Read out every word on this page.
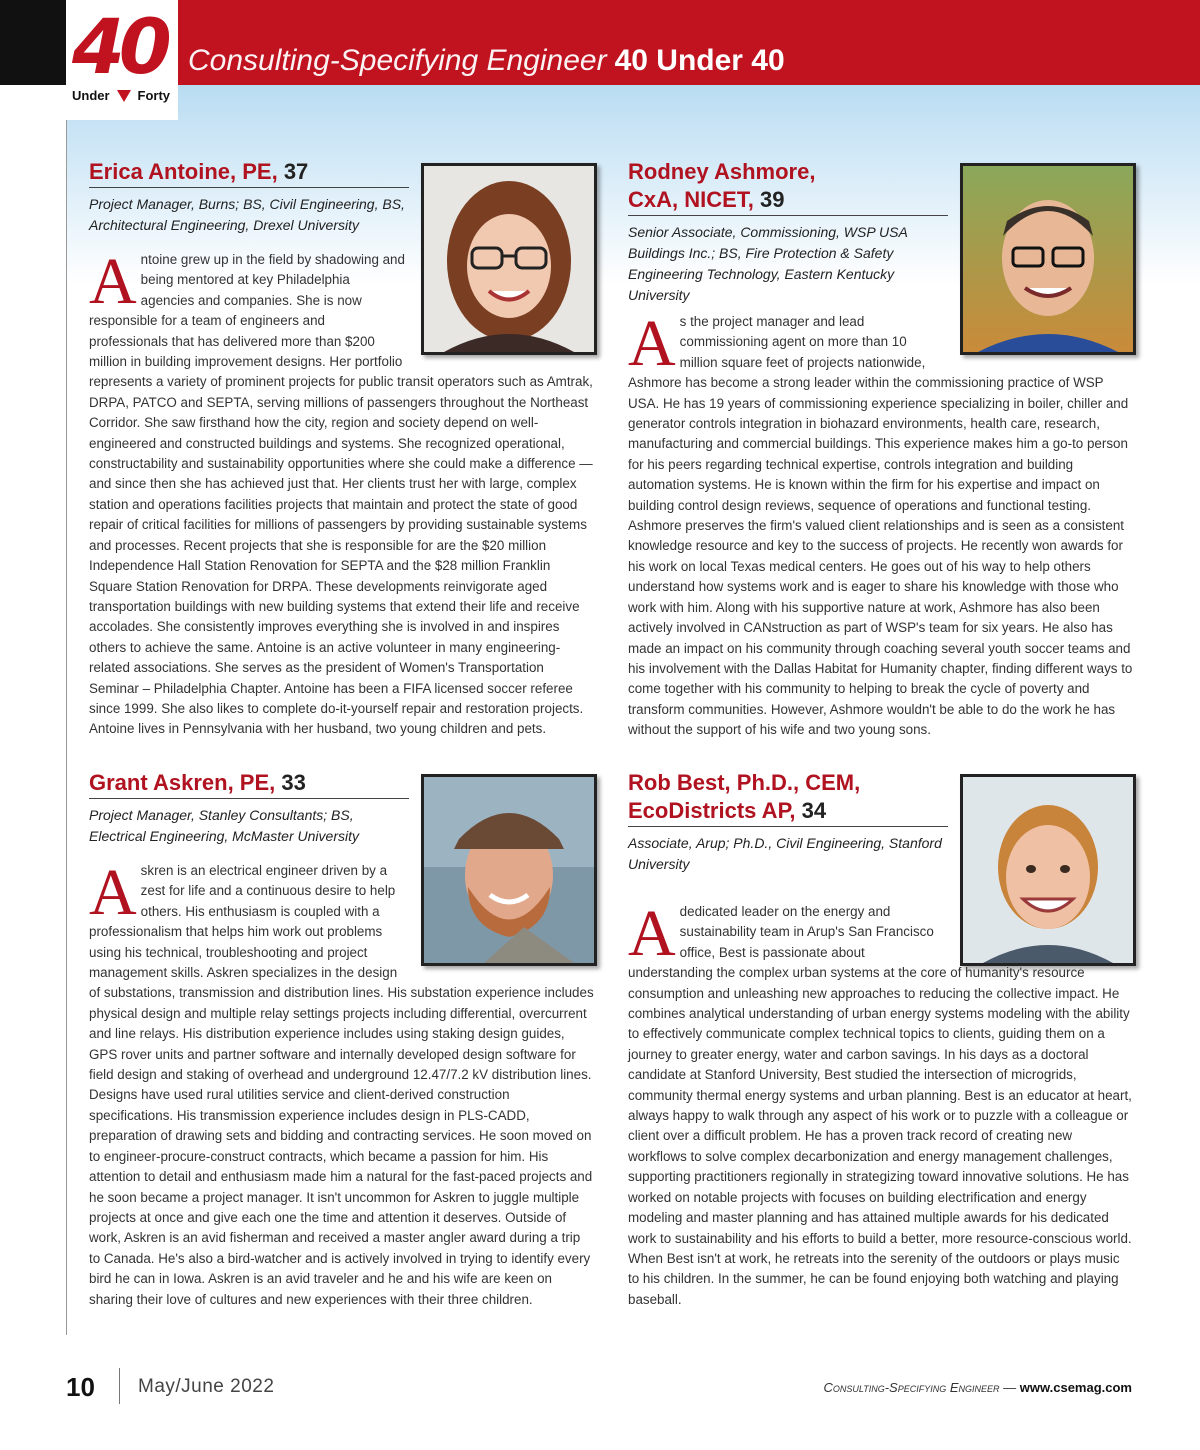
40
Under Forty
Consulting-Specifying Engineer 40 Under 40
Erica Antoine, PE, 37
Project Manager, Burns; BS, Civil Engineering, BS, Architectural Engineering, Drexel University
Antoine grew up in the field by shadowing and being mentored at key Philadelphia agencies and companies. She is now responsible for a team of engineers and professionals that has delivered more than $200 million in building improvement designs. Her portfolio represents a variety of prominent projects for public transit operators such as Amtrak, DRPA, PATCO and SEPTA, serving millions of passengers throughout the Northeast Corridor. She saw firsthand how the city, region and society depend on well-engineered and constructed buildings and systems. She recognized operational, constructability and sustainability opportunities where she could make a difference — and since then she has achieved just that. Her clients trust her with large, complex station and operations facilities projects that maintain and protect the state of good repair of critical facilities for millions of passengers by providing sustainable systems and processes. Recent projects that she is responsible for are the $20 million Independence Hall Station Renovation for SEPTA and the $28 million Franklin Square Station Renovation for DRPA. These developments reinvigorate aged transportation buildings with new building systems that extend their life and receive accolades. She consistently improves everything she is involved in and inspires others to achieve the same. Antoine is an active volunteer in many engineering-related associations. She serves as the president of Women's Transportation Seminar – Philadelphia Chapter. Antoine has been a FIFA licensed soccer referee since 1999. She also likes to complete do-it-yourself repair and restoration projects. Antoine lives in Pennsylvania with her husband, two young children and pets.
Rodney Ashmore,
CxA, NICET, 39
Senior Associate, Commissioning, WSP USA Buildings Inc.; BS, Fire Protection & Safety Engineering Technology, Eastern Kentucky University
As the project manager and lead commissioning agent on more than 10 million square feet of projects nationwide, Ashmore has become a strong leader within the commissioning practice of WSP USA. He has 19 years of commissioning experience specializing in boiler, chiller and generator controls integration in biohazard environments, health care, research, manufacturing and commercial buildings. This experience makes him a go-to person for his peers regarding technical expertise, controls integration and building automation systems. He is known within the firm for his expertise and impact on building control design reviews, sequence of operations and functional testing. Ashmore preserves the firm's valued client relationships and is seen as a consistent knowledge resource and key to the success of projects. He recently won awards for his work on local Texas medical centers. He goes out of his way to help others understand how systems work and is eager to share his knowledge with those who work with him. Along with his supportive nature at work, Ashmore has also been actively involved in CANstruction as part of WSP's team for six years. He also has made an impact on his community through coaching several youth soccer teams and his involvement with the Dallas Habitat for Humanity chapter, finding different ways to come together with his community to helping to break the cycle of poverty and transform communities. However, Ashmore wouldn't be able to do the work he has without the support of his wife and two young sons.
Grant Askren, PE, 33
Project Manager, Stanley Consultants; BS, Electrical Engineering, McMaster University
Askren is an electrical engineer driven by a zest for life and a continuous desire to help others. His enthusiasm is coupled with a professionalism that helps him work out problems using his technical, troubleshooting and project management skills. Askren specializes in the design of substations, transmission and distribution lines. His substation experience includes physical design and multiple relay settings projects including differential, overcurrent and line relays. His distribution experience includes using staking design guides, GPS rover units and partner software and internally developed design software for field design and staking of overhead and underground 12.47/7.2 kV distribution lines. Designs have used rural utilities service and client-derived construction specifications. His transmission experience includes design in PLS-CADD, preparation of drawing sets and bidding and contracting services. He soon moved on to engineer-procure-construct contracts, which became a passion for him. His attention to detail and enthusiasm made him a natural for the fast-paced projects and he soon became a project manager. It isn't uncommon for Askren to juggle multiple projects at once and give each one the time and attention it deserves. Outside of work, Askren is an avid fisherman and received a master angler award during a trip to Canada. He's also a bird-watcher and is actively involved in trying to identify every bird he can in Iowa. Askren is an avid traveler and he and his wife are keen on sharing their love of cultures and new experiences with their three children.
Rob Best, Ph.D., CEM,
EcoDistricts AP, 34
Associate, Arup; Ph.D., Civil Engineering, Stanford University
A dedicated leader on the energy and sustainability team in Arup's San Francisco office, Best is passionate about understanding the complex urban systems at the core of humanity's resource consumption and unleashing new approaches to reducing the collective impact. He combines analytical understanding of urban energy systems modeling with the ability to effectively communicate complex technical topics to clients, guiding them on a journey to greater energy, water and carbon savings. In his days as a doctoral candidate at Stanford University, Best studied the intersection of microgrids, community thermal energy systems and urban planning. Best is an educator at heart, always happy to walk through any aspect of his work or to puzzle with a colleague or client over a difficult problem. He has a proven track record of creating new workflows to solve complex decarbonization and energy management challenges, supporting practitioners regionally in strategizing toward innovative solutions. He has worked on notable projects with focuses on building electrification and energy modeling and master planning and has attained multiple awards for his dedicated work to sustainability and his efforts to build a better, more resource-conscious world. When Best isn't at work, he retreats into the serenity of the outdoors or plays music to his children. In the summer, he can be found enjoying both watching and playing baseball.
10 May/June 2022	Consulting-Specifying Engineer — www.csemag.com
